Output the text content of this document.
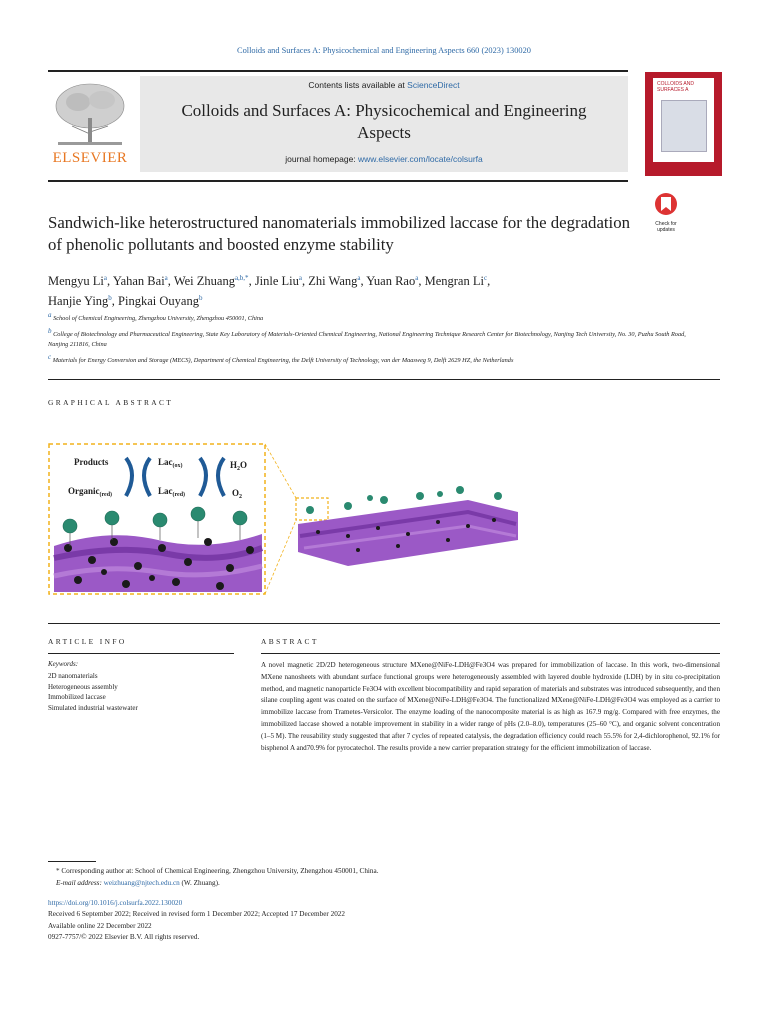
Colloids and Surfaces A: Physicochemical and Engineering Aspects 660 (2023) 130020
ELSEVIER
Contents lists available at ScienceDirect
Colloids and Surfaces A: Physicochemical and Engineering Aspects
journal homepage: www.elsevier.com/locate/colsurfa
COLLOIDS AND SURFACES A
Check for updates
Sandwich-like heterostructured nanomaterials immobilized laccase for the degradation of phenolic pollutants and boosted enzyme stability
Mengyu Li$^a$, Yahan Bai$^a$, Wei Zhuang$^{a,b,*}$, Jinle Liu$^a$, Zhi Wang$^a$, Yuan Rao$^a$, Mengran Li$^c$,
Hanjie Ying$^b$, Pingkai Ouyang$^b$
$^a$ School of Chemical Engineering, Zhengzhou University, Zhengzhou 450001, China
$^b$ College of Biotechnology and Pharmaceutical Engineering, State Key Laboratory of Materials-Oriented Chemical Engineering, National Engineering Technique Research Center for Biotechnology, Nanjing Tech University, No. 30, Puzhu South Road, Nanjing 211816, China
$^c$ Materials for Energy Conversion and Storage (MECS), Department of Chemical Engineering, the Delft University of Technology, van der Maasweg 9, Delft 2629 HZ, the Netherlands
GRAPHICAL ABSTRACT
Products
Organic$_{(red)}$
Lac$_{(ox)}$
Lac$_{(red)}$
$H_2O$
$O_2$
ARTICLE INFO
Keywords:
2D nanomaterials
Heterogeneous assembly
Immobilized laccase
Simulated industrial wastewater
ABSTRACT
A novel magnetic 2D/2D heterogeneous structure MXene@NiFe-LDH@Fe3O4 was prepared for immobilization of laccase. In this work, two-dimensional MXene nanosheets with abundant surface functional groups were heterogeneously assembled with layered double hydroxide (LDH) by in situ co-precipitation method, and magnetic nanoparticle Fe3O4 with excellent biocompatibility and rapid separation of materials and substrates was introduced subsequently, and then silane coupling agent was coated on the surface of MXene@NiFe-LDH@Fe3O4. The functionalized MXene@NiFe-LDH@Fe3O4 was employed as a carrier to immobilize laccase from Trametes-Versicolor. The enzyme loading of the nanocomposite material is as high as 167.9 mg/g. Compared with free enzymes, the immobilized laccase showed a notable improvement in stability in a wider range of pHs (2.0–8.0), temperatures (25–60 °C), and organic solvent concentration (1–5 M). The reusability study suggested that after 7 cycles of repeated catalysis, the degradation efficiency could reach 55.5% for 2,4-dichlorophenol, 92.1% for bisphenol A and70.9% for pyrocatechol. The results provide a new carrier preparation strategy for the efficient immobilization of laccase.
* Corresponding author at: School of Chemical Engineering, Zhengzhou University, Zhengzhou 450001, China.
E-mail address: weizhuang@njtech.edu.cn (W. Zhuang).
https://doi.org/10.1016/j.colsurfa.2022.130020
Received 6 September 2022; Received in revised form 1 December 2022; Accepted 17 December 2022
Available online 22 December 2022
0927-7757/© 2022 Elsevier B.V. All rights reserved.
